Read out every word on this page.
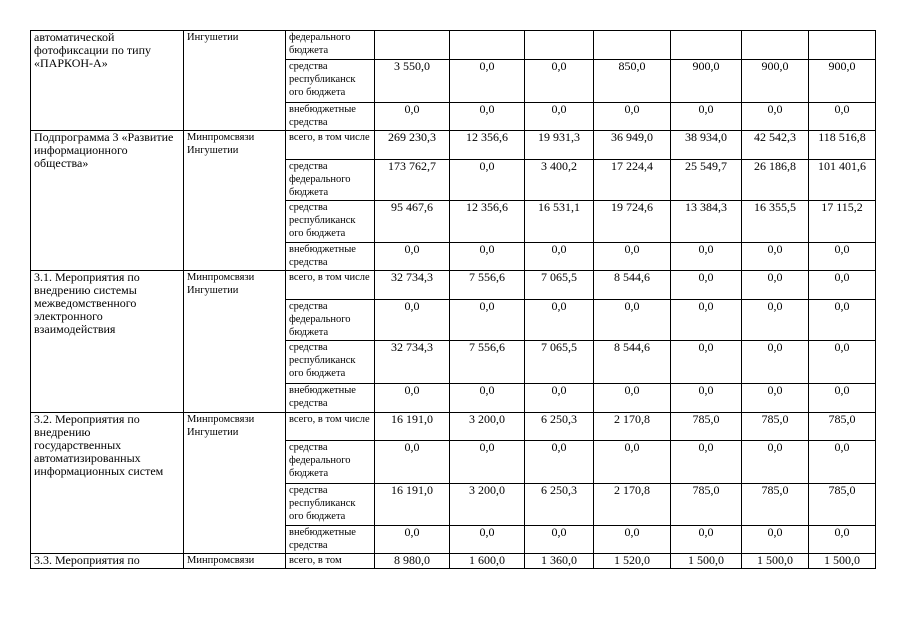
автоматической фотофиксации по типу «ПАРКОН-А»	Ингушетии	федерального бюджета							
		средства республиканск ого бюджета	3 550,0	0,0	0,0	850,0	900,0	900,0	900,0
		внебюджетные средства	0,0	0,0	0,0	0,0	0,0	0,0	0,0
Подпрограмма 3 «Развитие информационного общества»	Минпромсвязи Ингушетии	всего, в том числе	269 230,3	12 356,6	19 931,3	36 949,0	38 934,0	42 542,3	118 516,8
		средства федерального бюджета	173 762,7	0,0	3 400,2	17 224,4	25 549,7	26 186,8	101 401,6
		средства республиканск ого бюджета	95 467,6	12 356,6	16 531,1	19 724,6	13 384,3	16 355,5	17 115,2
		внебюджетные средства	0,0	0,0	0,0	0,0	0,0	0,0	0,0
3.1. Мероприятия по внедрению системы межведомственного электронного взаимодействия	Минпромсвязи Ингушетии	всего, в том числе	32 734,3	7 556,6	7 065,5	8 544,6	0,0	0,0	0,0
		средства федерального бюджета	0,0	0,0	0,0	0,0	0,0	0,0	0,0
		средства республиканск ого бюджета	32 734,3	7 556,6	7 065,5	8 544,6	0,0	0,0	0,0
		внебюджетные средства	0,0	0,0	0,0	0,0	0,0	0,0	0,0
3.2. Мероприятия по внедрению государственных автоматизированных информационных систем	Минпромсвязи Ингушетии	всего, в том числе	16 191,0	3 200,0	6 250,3	2 170,8	785,0	785,0	785,0
		средства федерального бюджета	0,0	0,0	0,0	0,0	0,0	0,0	0,0
		средства республиканск ого бюджета	16 191,0	3 200,0	6 250,3	2 170,8	785,0	785,0	785,0
		внебюджетные средства	0,0	0,0	0,0	0,0	0,0	0,0	0,0
3.3. Мероприятия по	Минпромсвязи	всего, в том	8 980,0	1 600,0	1 360,0	1 520,0	1 500,0	1 500,0	1 500,0
